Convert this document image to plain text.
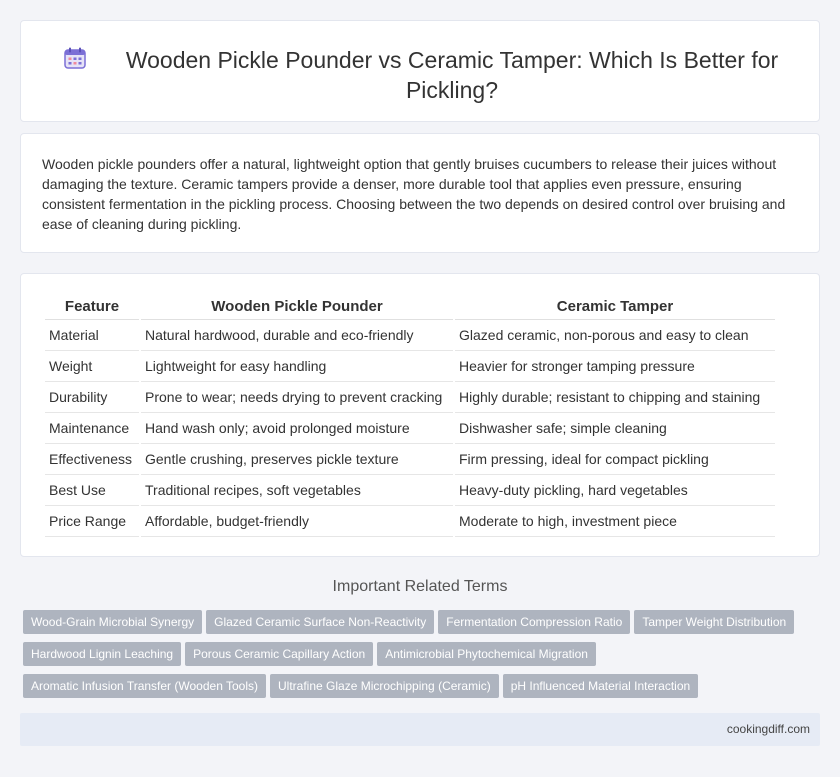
Wooden Pickle Pounder vs Ceramic Tamper: Which Is Better for Pickling?

Wooden pickle pounders offer a natural, lightweight option that gently bruises cucumbers to release their juices without damaging the texture. Ceramic tampers provide a denser, more durable tool that applies even pressure, ensuring consistent fermentation in the pickling process. Choosing between the two depends on desired control over bruising and ease of cleaning during pickling.

Feature	Wooden Pickle Pounder	Ceramic Tamper
Material	Natural hardwood, durable and eco-friendly	Glazed ceramic, non-porous and easy to clean
Weight	Lightweight for easy handling	Heavier for stronger tamping pressure
Durability	Prone to wear; needs drying to prevent cracking	Highly durable; resistant to chipping and staining
Maintenance	Hand wash only; avoid prolonged moisture	Dishwasher safe; simple cleaning
Effectiveness	Gentle crushing, preserves pickle texture	Firm pressing, ideal for compact pickling
Best Use	Traditional recipes, soft vegetables	Heavy-duty pickling, hard vegetables
Price Range	Affordable, budget-friendly	Moderate to high, investment piece
Important Related Terms
Wood-Grain Microbial Synergy Glazed Ceramic Surface Non-Reactivity Fermentation Compression Ratio Tamper Weight DistributionHardwood Lignin Leaching Porous Ceramic Capillary Action Antimicrobial Phytochemical MigrationAromatic Infusion Transfer (Wooden Tools) Ultrafine Glaze Microchipping (Ceramic) pH Influenced Material Interaction
cookingdiff.com
